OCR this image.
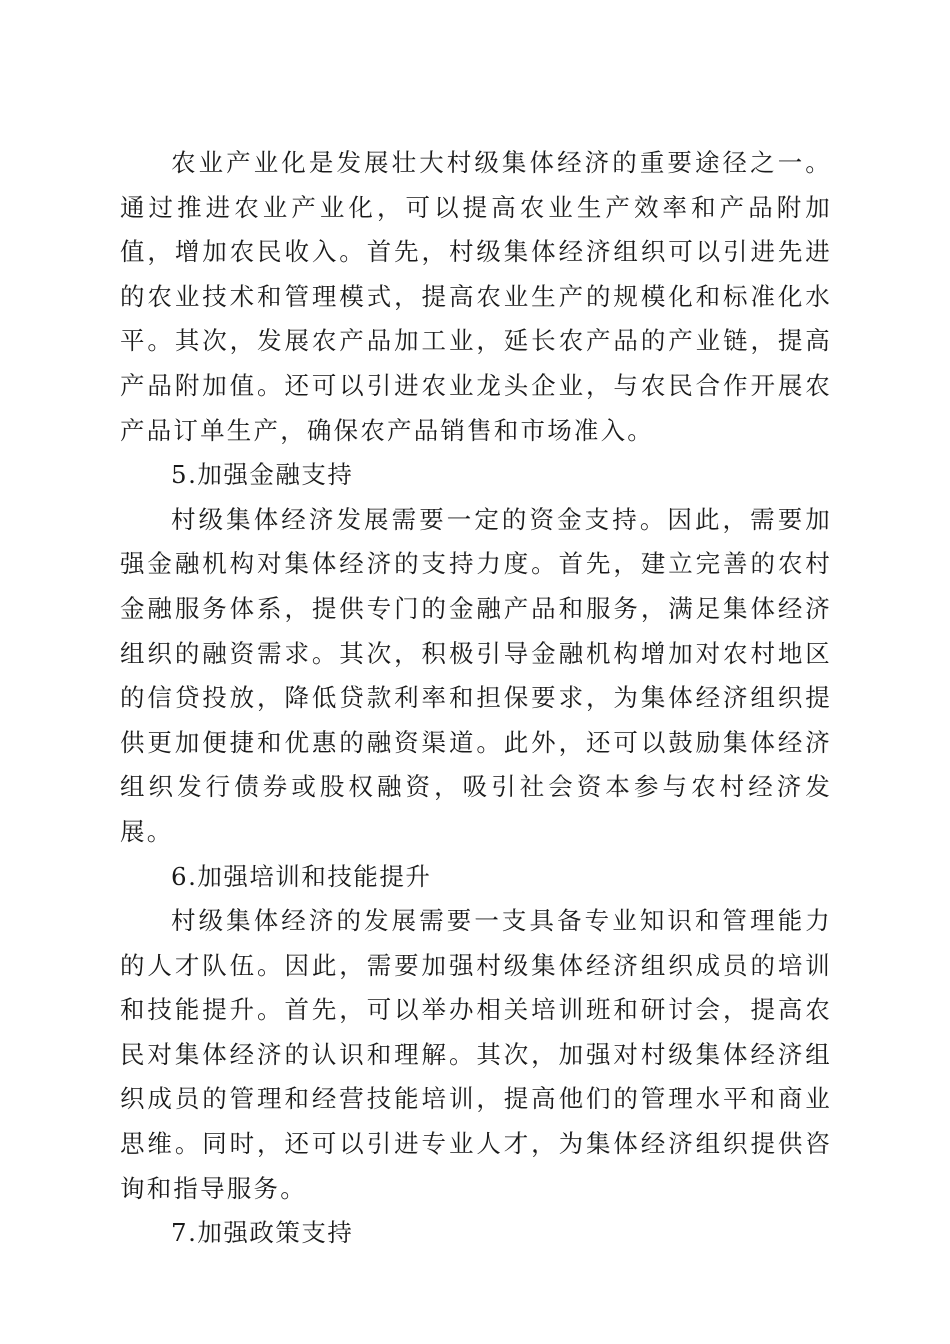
农业产业化是发展壮大村级集体经济的重要途径之一。通过推进农业产业化，可以提高农业生产效率和产品附加值，增加农民收入。首先，村级集体经济组织可以引进先进的农业技术和管理模式，提高农业生产的规模化和标准化水平。其次，发展农产品加工业，延长农产品的产业链，提高产品附加值。还可以引进农业龙头企业，与农民合作开展农产品订单生产，确保农产品销售和市场准入。

5.加强金融支持

村级集体经济发展需要一定的资金支持。因此，需要加强金融机构对集体经济的支持力度。首先，建立完善的农村金融服务体系，提供专门的金融产品和服务，满足集体经济组织的融资需求。其次，积极引导金融机构增加对农村地区的信贷投放，降低贷款利率和担保要求，为集体经济组织提供更加便捷和优惠的融资渠道。此外，还可以鼓励集体经济组织发行债券或股权融资，吸引社会资本参与农村经济发展。

6.加强培训和技能提升

村级集体经济的发展需要一支具备专业知识和管理能力的人才队伍。因此，需要加强村级集体经济组织成员的培训和技能提升。首先，可以举办相关培训班和研讨会，提高农民对集体经济的认识和理解。其次，加强对村级集体经济组织成员的管理和经营技能培训，提高他们的管理水平和商业思维。同时，还可以引进专业人才，为集体经济组织提供咨询和指导服务。

7.加强政策支持
